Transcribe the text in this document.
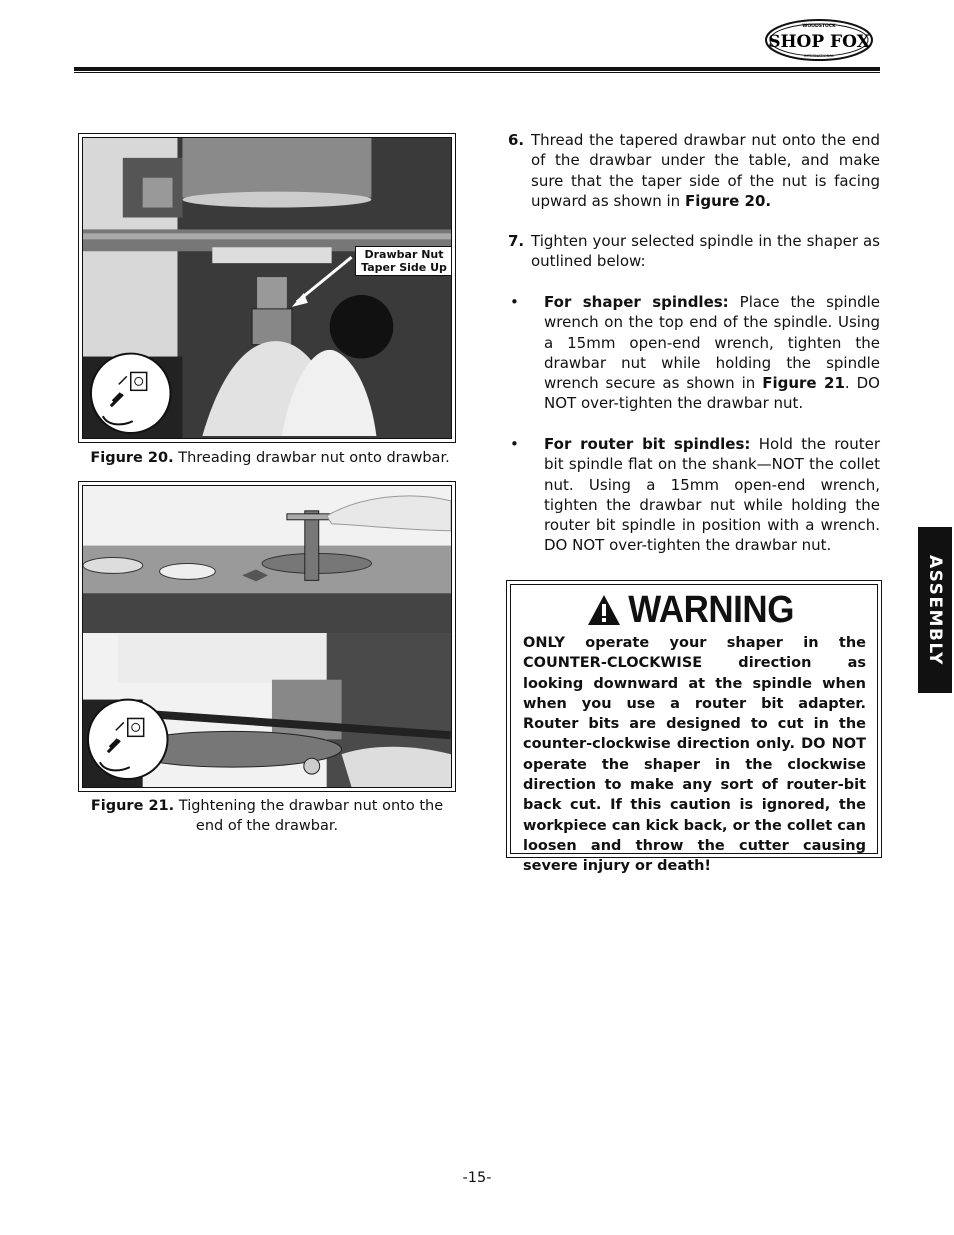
WOODSTOCK
SHOP FOX
INTERNATIONAL
Drawbar Nut
Taper Side Up
Figure 20. Threading drawbar nut onto drawbar.
Figure 21. Tightening the drawbar nut onto the
end of the drawbar.
6. Thread the tapered drawbar nut onto the end of the drawbar under the table, and make sure that the taper side of the nut is facing upward as shown in Figure 20.
7. Tighten your selected spindle in the shaper as outlined below:
• For shaper spindles: Place the spindle wrench on the top end of the spindle. Using a 15mm open-end wrench, tighten the drawbar nut while holding the spindle wrench secure as shown in Figure 21. DO NOT over-tighten the drawbar nut.
• For router bit spindles: Hold the router bit spindle flat on the shank—NOT the collet nut. Using a 15mm open-end wrench, tighten the drawbar nut while holding the router bit spindle in position with a wrench. DO NOT over-tighten the drawbar nut.
WARNING
ONLY operate your shaper in the COUNTER-CLOCKWISE direction as looking downward at the spindle when when you use a router bit adapter. Router bits are designed to cut in the counter-clockwise direction only. DO NOT operate the shaper in the clockwise direction to make any sort of router-bit back cut. If this caution is ignored, the workpiece can kick back, or the collet can loosen and throw the cutter causing severe injury or death!
ASSEMBLY
-15-
